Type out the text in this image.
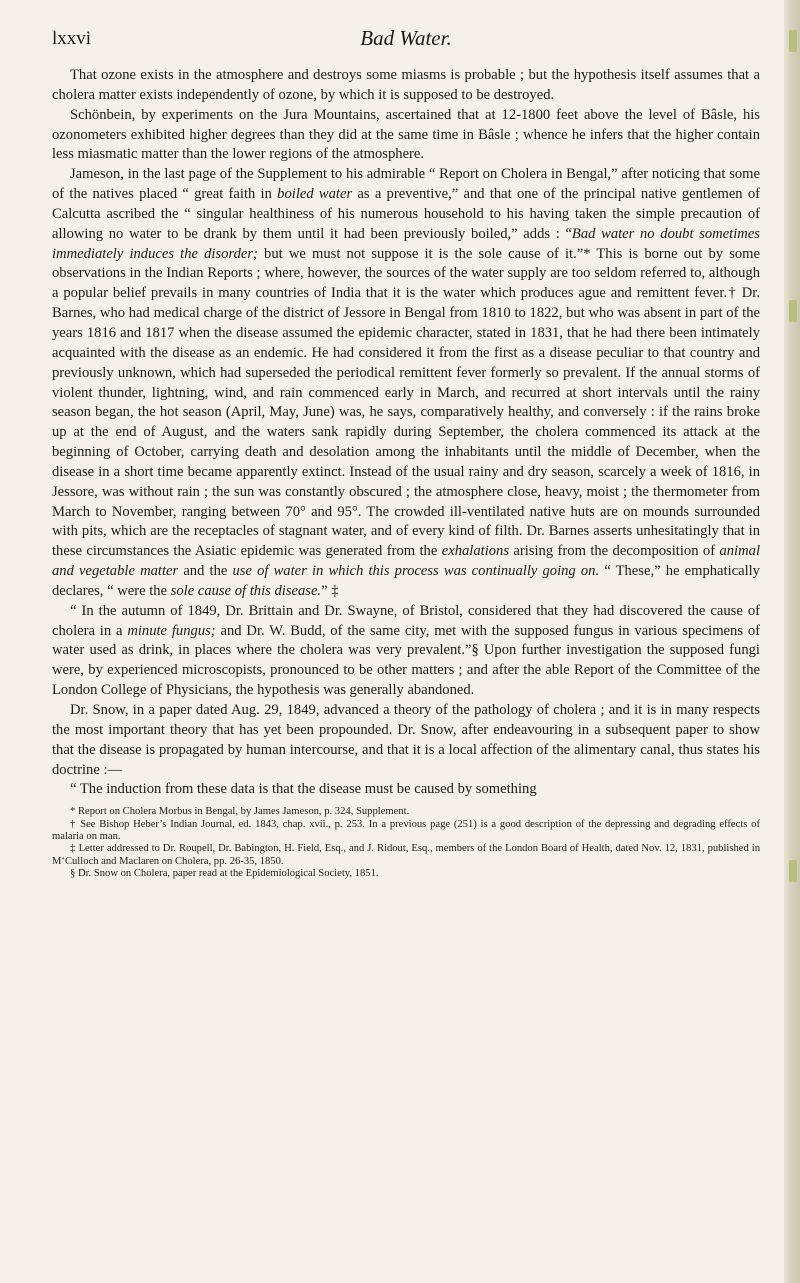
lxxvi	Bad Water.

That ozone exists in the atmosphere and destroys some miasms is probable ; but the hypothesis itself assumes that a cholera matter exists independently of ozone, by which it is supposed to be destroyed.

Schönbein, by experiments on the Jura Mountains, ascertained that at 12-1800 feet above the level of Bâsle, his ozonometers exhibited higher degrees than they did at the same time in Bâsle ; whence he infers that the higher contain less miasmatic matter than the lower regions of the atmosphere.

Jameson, in the last page of the Supplement to his admirable “ Report on Cholera in Bengal,” after noticing that some of the natives placed “ great faith in boiled water as a preventive,” and that one of the principal native gentlemen of Calcutta ascribed the “ singular healthiness of his numerous household to his having taken the simple precaution of allowing no water to be drank by them until it had been previously boiled,” adds : “Bad water no doubt sometimes immediately induces the disorder; but we must not suppose it is the sole cause of it.”* This is borne out by some observations in the Indian Reports ; where, however, the sources of the water supply are too seldom referred to, although a popular belief prevails in many countries of India that it is the water which produces ague and remittent fever.† Dr. Barnes, who had medical charge of the district of Jessore in Bengal from 1810 to 1822, but who was absent in part of the years 1816 and 1817 when the disease assumed the epidemic character, stated in 1831, that he had there been intimately acquainted with the disease as an endemic. He had considered it from the first as a disease peculiar to that country and previously unknown, which had superseded the periodical remittent fever formerly so prevalent. If the annual storms of violent thunder, lightning, wind, and rain commenced early in March, and recurred at short intervals until the rainy season began, the hot season (April, May, June) was, he says, comparatively healthy, and conversely : if the rains broke up at the end of August, and the waters sank rapidly during September, the cholera commenced its attack at the beginning of October, carrying death and desolation among the inhabitants until the middle of December, when the disease in a short time became apparently extinct. Instead of the usual rainy and dry season, scarcely a week of 1816, in Jessore, was without rain ; the sun was constantly obscured ; the atmosphere close, heavy, moist ; the thermometer from March to November, ranging between 70° and 95°. The crowded ill-ventilated native huts are on mounds surrounded with pits, which are the receptacles of stagnant water, and of every kind of filth. Dr. Barnes asserts unhesitatingly that in these circumstances the Asiatic epidemic was generated from the exhalations arising from the decomposition of animal and vegetable matter and the use of water in which this process was continually going on. “ These,” he emphatically declares, “ were the sole cause of this disease.” ‡

“ In the autumn of 1849, Dr. Brittain and Dr. Swayne, of Bristol, considered that they had discovered the cause of cholera in a minute fungus; and Dr. W. Budd, of the same city, met with the supposed fungus in various specimens of water used as drink, in places where the cholera was very prevalent.”§ Upon further investigation the supposed fungi were, by experienced microscopists, pronounced to be other matters ; and after the able Report of the Committee of the London College of Physicians, the hypothesis was generally abandoned.

Dr. Snow, in a paper dated Aug. 29, 1849, advanced a theory of the pathology of cholera ; and it is in many respects the most important theory that has yet been propounded. Dr. Snow, after endeavouring in a subsequent paper to show that the disease is propagated by human intercourse, and that it is a local affection of the alimentary canal, thus states his doctrine :—

“ The induction from these data is that the disease must be caused by something

* Report on Cholera Morbus in Bengal, by James Jameson, p. 324, Supplement.

† See Bishop Heber’s Indian Journal, ed. 1843, chap. xvii., p. 253. In a previous page (251) is a good description of the depressing and degrading effects of malaria on man.

‡ Letter addressed to Dr. Roupell, Dr. Babington, H. Field, Esq., and J. Ridout, Esq., members of the London Board of Health, dated Nov. 12, 1831, published in M‘Culloch and Maclaren on Cholera, pp. 26-35, 1850.

§ Dr. Snow on Cholera, paper read at the Epidemiological Society, 1851.
